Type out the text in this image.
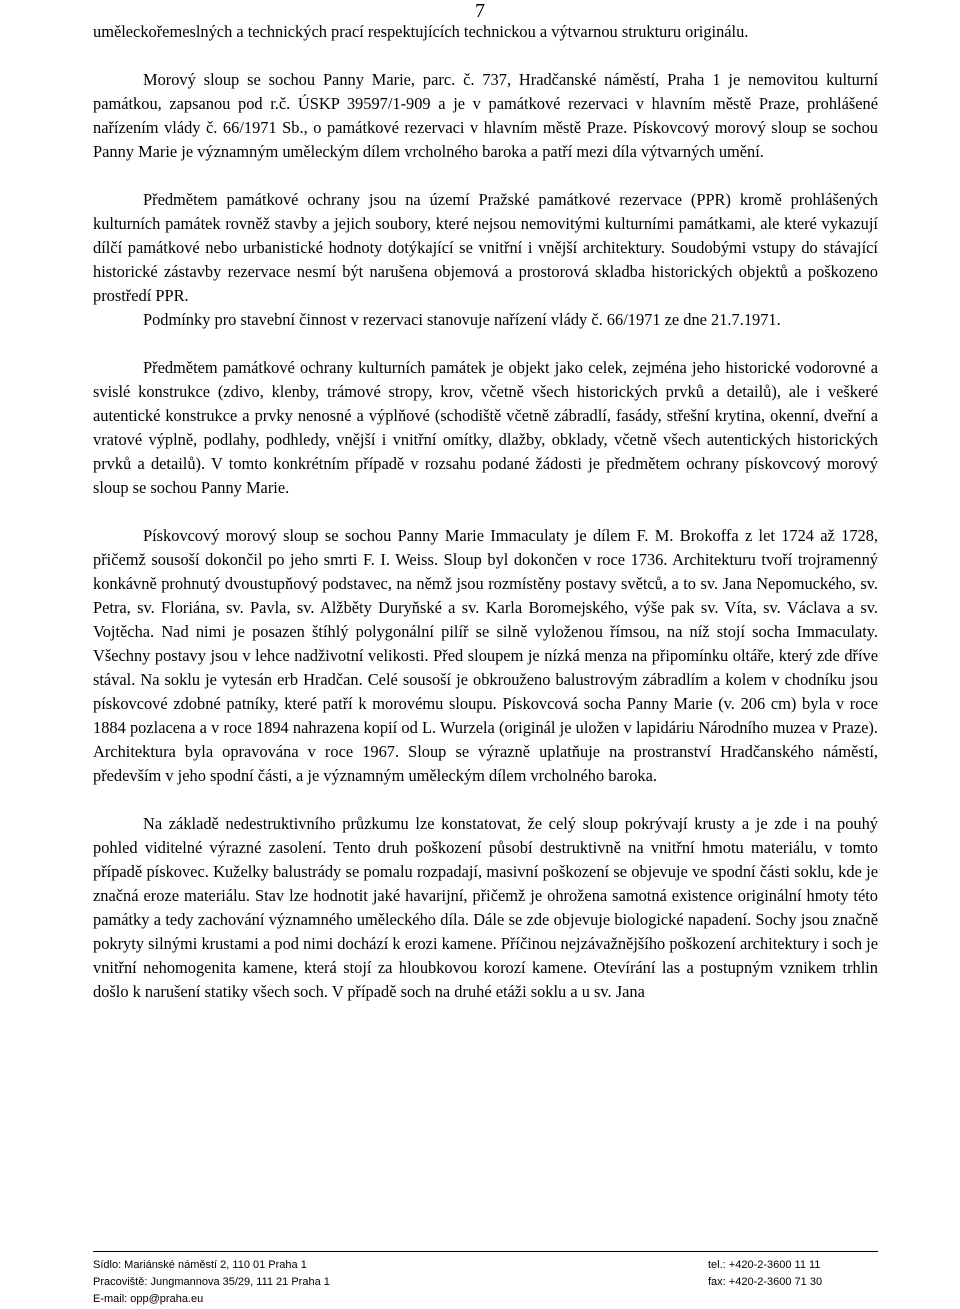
7

uměleckořemeslných a technických prací respektujících technickou a výtvarnou strukturu originálu.

Morový sloup se sochou Panny Marie, parc. č. 737, Hradčanské náměstí, Praha 1 je nemovitou kulturní památkou, zapsanou pod r.č. ÚSKP 39597/1-909 a je v památkové rezervaci v hlavním městě Praze, prohlášené nařízením vlády č. 66/1971 Sb., o památkové rezervaci v hlavním městě Praze. Pískovcový morový sloup se sochou Panny Marie je významným uměleckým dílem vrcholného baroka a patří mezi díla výtvarných umění.

Předmětem památkové ochrany jsou na území Pražské památkové rezervace (PPR) kromě prohlášených kulturních památek rovněž stavby a jejich soubory, které nejsou nemovitými kulturními památkami, ale které vykazují dílčí památkové nebo urbanistické hodnoty dotýkající se vnitřní i vnější architektury. Soudobými vstupy do stávající historické zástavby rezervace nesmí být narušena objemová a prostorová skladba historických objektů a poškozeno prostředí PPR.

Podmínky pro stavební činnost v rezervaci stanovuje nařízení vlády č. 66/1971 ze dne 21.7.1971.

Předmětem památkové ochrany kulturních památek je objekt jako celek, zejména jeho historické vodorovné a svislé konstrukce (zdivo, klenby, trámové stropy, krov, včetně všech historických prvků a detailů), ale i veškeré autentické konstrukce a prvky nenosné a výplňové (schodiště včetně zábradlí, fasády, střešní krytina, okenní, dveřní a vratové výplně, podlahy, podhledy, vnější i vnitřní omítky, dlažby, obklady, včetně všech autentických historických prvků a detailů). V tomto konkrétním případě v rozsahu podané žádosti je předmětem ochrany pískovcový morový sloup se sochou Panny Marie.

Pískovcový morový sloup se sochou Panny Marie Immaculaty je dílem F. M. Brokoffa z let 1724 až 1728, přičemž sousoší dokončil po jeho smrti F. I. Weiss. Sloup byl dokončen v roce 1736. Architekturu tvoří trojramenný konkávně prohnutý dvoustupňový podstavec, na němž jsou rozmístěny postavy světců, a to sv. Jana Nepomuckého, sv. Petra, sv. Floriána, sv. Pavla, sv. Alžběty Duryňské a sv. Karla Boromejského, výše pak sv. Víta, sv. Václava a sv. Vojtěcha. Nad nimi je posazen štíhlý polygonální pilíř se silně vyloženou římsou, na níž stojí socha Immaculaty. Všechny postavy jsou v lehce nadživotní velikosti. Před sloupem je nízká menza na připomínku oltáře, který zde dříve stával. Na soklu je vytesán erb Hradčan. Celé sousoší je obkrouženo balustrovým zábradlím a kolem v chodníku jsou pískovcové zdobné patníky, které patří k morovému sloupu. Pískovcová socha Panny Marie (v. 206 cm) byla v roce 1884 pozlacena a v roce 1894 nahrazena kopií od L. Wurzela (originál je uložen v lapidáriu Národního muzea v Praze). Architektura byla opravována v roce 1967. Sloup se výrazně uplatňuje na prostranství Hradčanského náměstí, především v jeho spodní části, a je významným uměleckým dílem vrcholného baroka.

Na základě nedestruktivního průzkumu lze konstatovat, že celý sloup pokrývají krusty a je zde i na pouhý pohled viditelné výrazné zasolení. Tento druh poškození působí destruktivně na vnitřní hmotu materiálu, v tomto případě pískovec. Kuželky balustrády se pomalu rozpadají, masivní poškození se objevuje ve spodní části soklu, kde je značná eroze materiálu. Stav lze hodnotit jaké havarijní, přičemž je ohrožena samotná existence originální hmoty této památky a tedy zachování významného uměleckého díla. Dále se zde objevuje biologické napadení. Sochy jsou značně pokryty silnými krustami a pod nimi dochází k erozi kamene. Příčinou nejzávažnějšího poškození architektury i soch je vnitřní nehomogenita kamene, která stojí za hloubkovou korozí kamene. Otevírání las a postupným vznikem trhlin došlo k narušení statiky všech soch. V případě soch na druhé etáži soklu a u sv. Jana

Sídlo: Mariánské náměstí 2, 110 01 Praha 1	tel.: +420-2-3600 11 11
Pracoviště: Jungmannova 35/29, 111 21 Praha 1	fax: +420-2-3600 71 30
E-mail: opp@praha.eu
